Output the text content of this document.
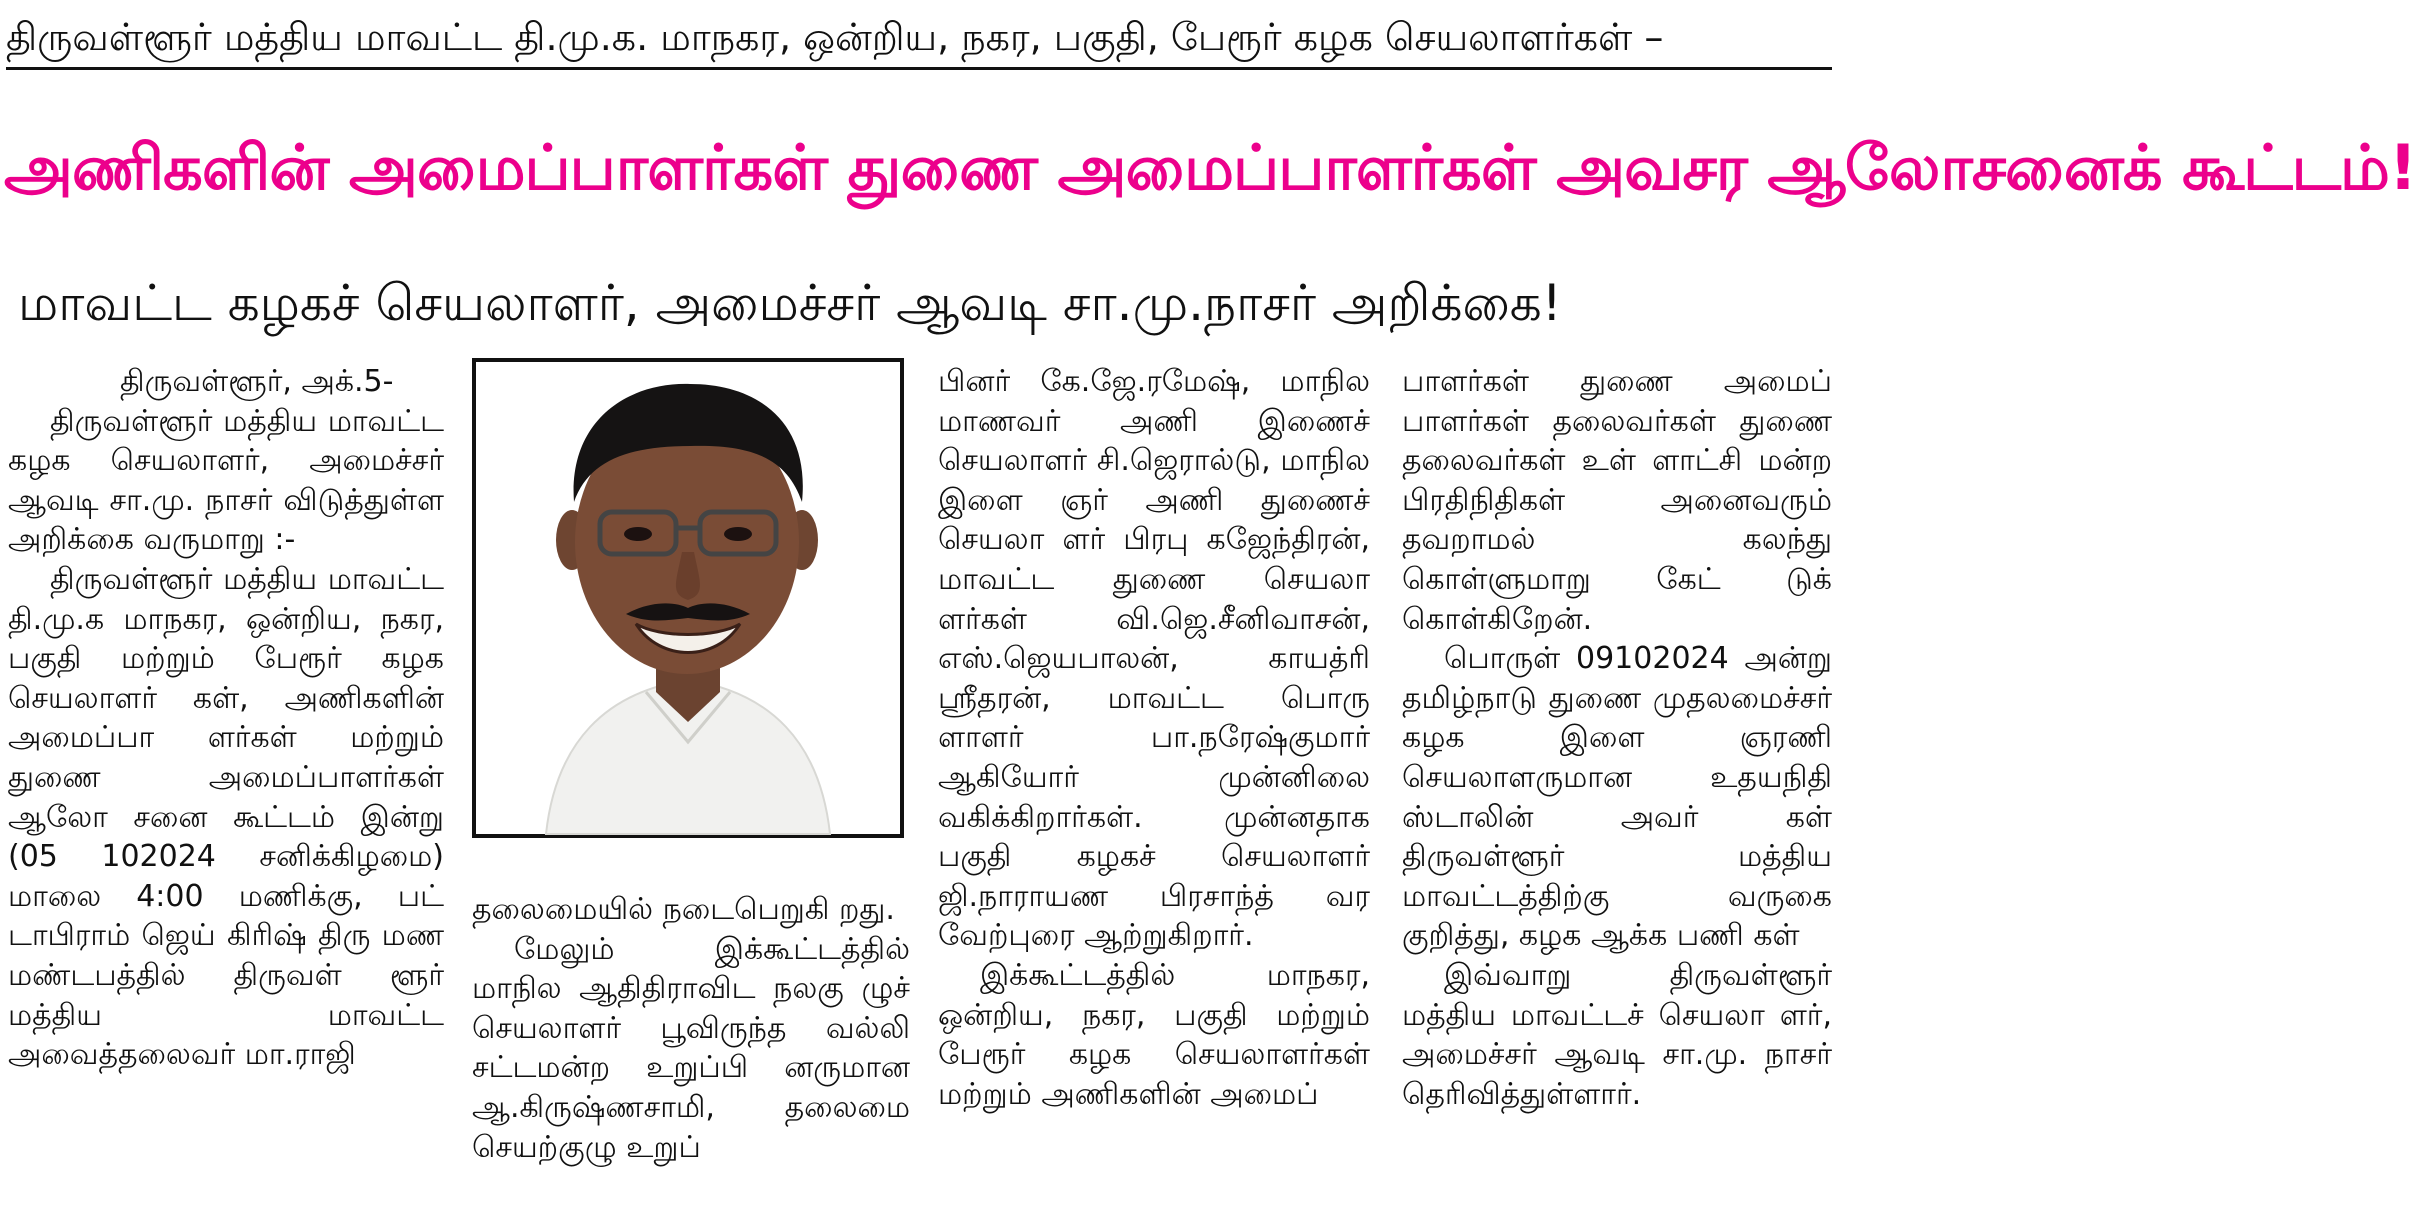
திருவள்ளூர் மத்திய மாவட்ட தி.மு.க. மாநகர, ஒன்றிய, நகர, பகுதி, பேரூர் கழக செயலாளர்கள் –
அணிகளின் அமைப்பாளர்கள் துணை அமைப்பாளர்கள் அவசர ஆலோசனைக் கூட்டம்!
மாவட்ட கழகச் செயலாளர், அமைச்சர் ஆவடி சா.மு.நாசர் அறிக்கை!

திருவள்ளூர், அக்.5-

திருவள்ளூர் மத்திய மாவட்ட கழக செயலாளர், அமைச்சர் ஆவடி சா.மு. நாசர் விடுத்துள்ள அறிக்கை வருமாறு :-

திருவள்ளூர் மத்திய மாவட்ட தி.மு.க மாநகர, ஒன்றிய, நகர, பகுதி மற்றும் பேரூர் கழக செயலாளர் கள், அணிகளின் அமைப்பா ளர்கள் மற்றும் துணை அமைப்பாளர்கள் ஆலோ சனை கூட்டம் இன்று (05 102024 சனிக்கிழமை) மாலை 4:00 மணிக்கு, பட் டாபிராம் ஜெய் கிரிஷ் திரு மண மண்டபத்தில் திருவள் ளூர் மத்திய மாவட்ட அவைத்தலைவர் மா.ராஜி

தலைமையில் நடைபெறுகி றது.

மேலும் இக்கூட்டத்தில் மாநில ஆதிதிராவிட நலகு ழுச் செயலாளர் பூவிருந்த வல்லி சட்டமன்ற உறுப்பி னருமான ஆ.கிருஷ்ணசாமி, தலைமை செயற்குழு உறுப்

பினர் கே.ஜே.ரமேஷ், மாநில மாணவர் அணி இணைச் செயலாளர் சி.ஜெரால்டு, மாநில இளை ஞர் அணி துணைச் செயலா ளர் பிரபு கஜேந்திரன், மாவட்ட துணை செயலா ளர்கள் வி.ஜெ.சீனிவாசன், எஸ்.ஜெயபாலன், காயத்ரி ஸ்ரீதரன், மாவட்ட பொரு ளாளர் பா.நரேஷ்குமார் ஆகியோர் முன்னிலை வகிக்கிறார்கள். முன்னதாக பகுதி கழகச் செயலாளர் ஜி.நாராயண பிரசாந்த் வர வேற்புரை ஆற்றுகிறார்.

இக்கூட்டத்தில் மாநகர, ஒன்றிய, நகர, பகுதி மற்றும் பேரூர் கழக செயலாளர்கள் மற்றும் அணிகளின் அமைப்

பாளர்கள் துணை அமைப் பாளர்கள் தலைவர்கள் துணை தலைவர்கள் உள் ளாட்சி மன்ற பிரதிநிதிகள் அனைவரும் தவறாமல் கலந்து கொள்ளுமாறு கேட் டுக் கொள்கிறேன்.

பொருள் 09102024 அன்று தமிழ்நாடு துணை முதலமைச்சர் கழக இளை ஞரணி செயலாளருமான உதயநிதி ஸ்டாலின் அவர் கள் திருவள்ளூர் மத்திய மாவட்டத்திற்கு வருகை குறித்து, கழக ஆக்க பணி கள்

இவ்வாறு திருவள்ளூர் மத்திய மாவட்டச் செயலா ளர், அமைச்சர் ஆவடி சா.மு. நாசர் தெரிவித்துள்ளார்.
